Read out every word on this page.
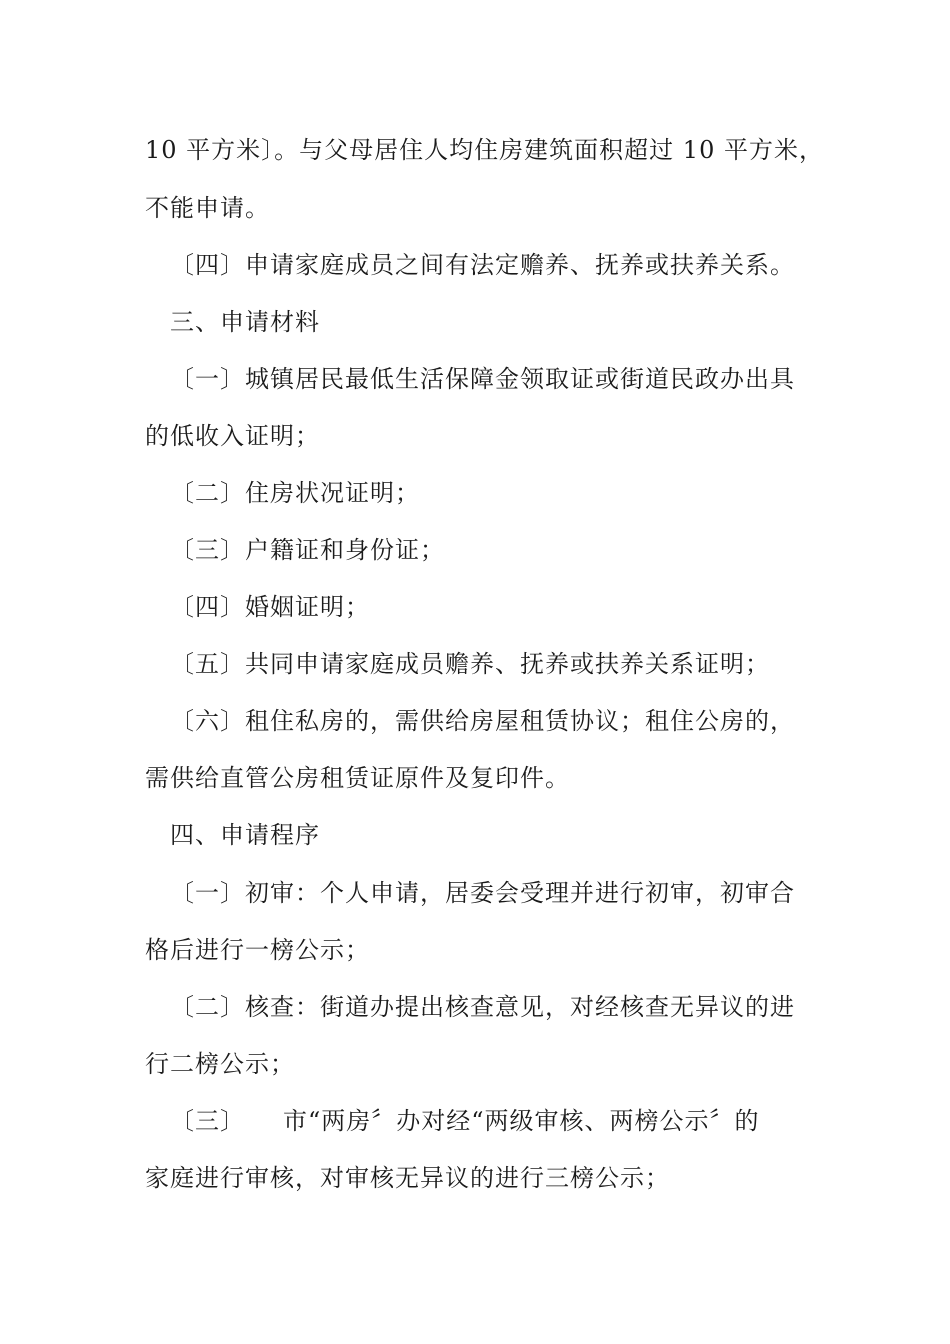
10 平方米〕。与父母居住人均住房建筑面积超过 10 平方米，
不能申请。
〔四〕申请家庭成员之间有法定赡养、抚养或扶养关系。
三、申请材料
〔一〕城镇居民最低生活保障金领取证或街道民政办出具
的低收入证明；
〔二〕住房状况证明；
〔三〕户籍证和身份证；
〔四〕婚姻证明；
〔五〕共同申请家庭成员赡养、抚养或扶养关系证明；
〔六〕租住私房的，需供给房屋租赁协议；租住公房的，
需供给直管公房租赁证原件及复印件。
四、申请程序
〔一〕初审：个人申请，居委会受理并进行初审，初审合
格后进行一榜公示；
〔二〕核查：街道办提出核查意见，对经核查无异议的进
行二榜公示；
〔三〕　　市“两房〞办对经“两级审核、两榜公示〞的
家庭进行审核，对审核无异议的进行三榜公示；
